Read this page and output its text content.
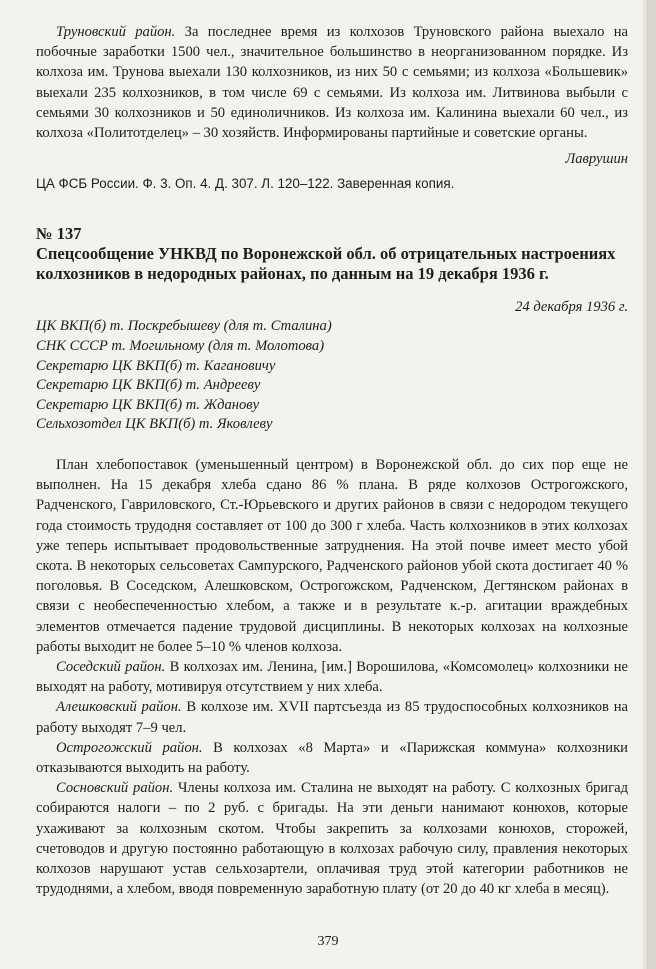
Труновский район. За последнее время из колхозов Труновского района выехало на побочные заработки 1500 чел., значительное большинство в неорганизованном порядке. Из колхоза им. Трунова выехали 130 колхозников, из них 50 с семьями; из колхоза «Большевик» выехали 235 колхозников, в том числе 69 с семьями. Из колхоза им. Литвинова выбыли с семьями 30 колхозников и 50 единоличников. Из колхоза им. Калинина выехали 60 чел., из колхоза «Политотделец» – 30 хозяйств. Информированы партийные и советские органы.

Лаврушин

ЦА ФСБ России. Ф. 3. Оп. 4. Д. 307. Л. 120–122. Заверенная копия.

№ 137

Спецсообщение УНКВД по Воронежской обл. об отрицательных настроениях колхозников в недородных районах, по данным на 19 декабря 1936 г.

24 декабря 1936 г.

ЦК ВКП(б) т. Поскребышеву (для т. Сталина)

СНК СССР т. Могильному (для т. Молотова)

Секретарю ЦК ВКП(б) т. Кагановичу

Секретарю ЦК ВКП(б) т. Андрееву

Секретарю ЦК ВКП(б) т. Жданову

Сельхозотдел ЦК ВКП(б) т. Яковлеву

План хлебопоставок (уменьшенный центром) в Воронежской обл. до сих пор еще не выполнен. На 15 декабря хлеба сдано 86 % плана. В ряде колхозов Острогожского, Радченского, Гавриловского, Ст.-Юрьевского и других районов в связи с недородом текущего года стоимость трудодня составляет от 100 до 300 г хлеба. Часть колхозников в этих колхозах уже теперь испытывает продовольственные затруднения. На этой почве имеет место убой скота. В некоторых сельсоветах Сампурского, Радченского районов убой скота достигает 40 % поголовья. В Соседском, Алешковском, Острогожском, Радченском, Дегтянском районах в связи с необеспеченностью хлебом, а также и в результате к.-р. агитации враждебных элементов отмечается падение трудовой дисциплины. В некоторых колхозах на колхозные работы выходит не более 5–10 % членов колхоза.

Соседский район. В колхозах им. Ленина, [им.] Ворошилова, «Комсомолец» колхозники не выходят на работу, мотивируя отсутствием у них хлеба.

Алешковский район. В колхозе им. XVII партсъезда из 85 трудоспособных колхозников на работу выходят 7–9 чел.

Острогожский район. В колхозах «8 Марта» и «Парижская коммуна» колхозники отказываются выходить на работу.

Сосновский район. Члены колхоза им. Сталина не выходят на работу. С колхозных бригад собираются налоги – по 2 руб. с бригады. На эти деньги нанимают конюхов, которые ухаживают за колхозным скотом. Чтобы закрепить за колхозами конюхов, сторожей, счетоводов и другую постоянно работающую в колхозах рабочую силу, правления некоторых колхозов нарушают устав сельхозартели, оплачивая труд этой категории работников не трудоднями, а хлебом, вводя повременную заработную плату (от 20 до 40 кг хлеба в месяц).

379
